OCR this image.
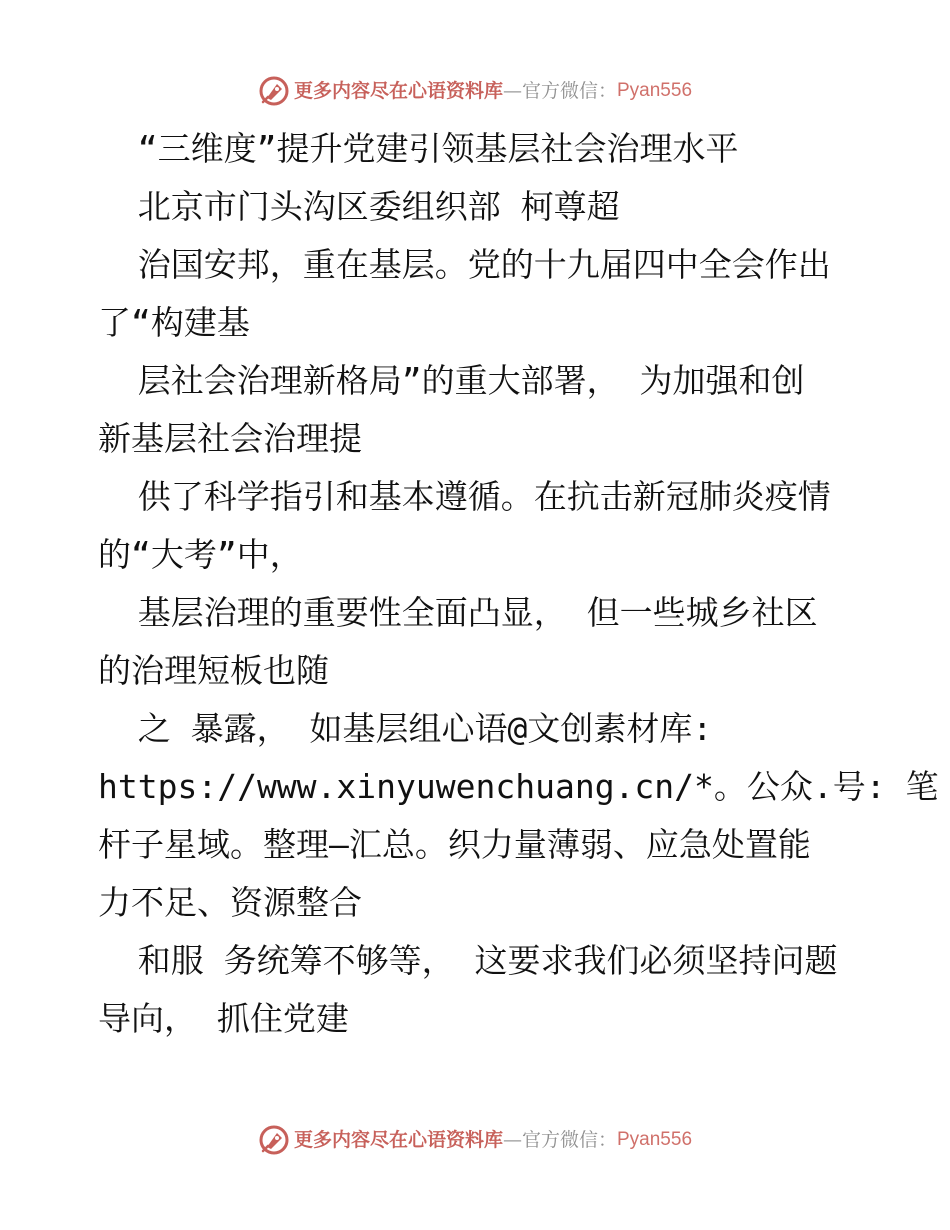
更多内容尽在心语资料库 — 官方微信： Pyan556
“三维度”提升党建引领基层社会治理水平
北京市门头沟区委组织部 柯尊超
治国安邦，重在基层。党的十九届四中全会作出
了“构建基
层社会治理新格局”的重大部署， 为加强和创
新基层社会治理提
供了科学指引和基本遵循。在抗击新冠肺炎疫情
的“大考”中，
基层治理的重要性全面凸显， 但一些城乡社区
的治理短板也随
之 暴露， 如基层组心语@文创素材库:
https://www.xinyuwenchuang.cn/*。公众.号: 笔
杆子星域。整理—汇总。织力量薄弱、应急处置能
力不足、资源整合
和服 务统筹不够等， 这要求我们必须坚持问题
导向， 抓住党建
更多内容尽在心语资料库 — 官方微信： Pyan556
